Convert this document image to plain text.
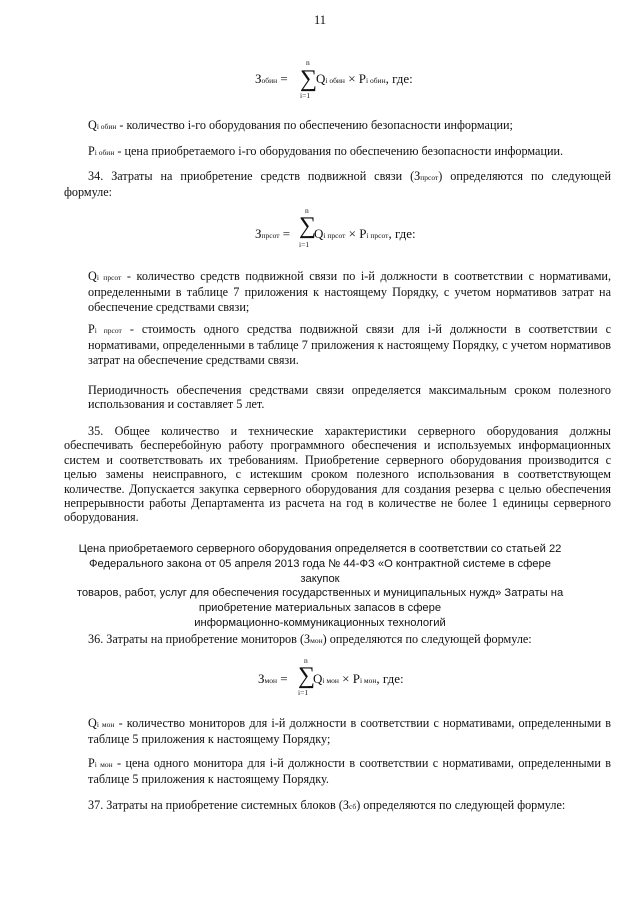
11
Зобин =
n
∑
i=1
Qi обин × Pi обин, где:

Qi обин - количество i-го оборудования по обеспечению безопасности информации;

Pi обин - цена приобретаемого i-го оборудования по обеспечению безопасности информации.

34. Затраты на приобретение средств подвижной связи (Зпрсот) определяются по следующей формуле:

Зпрсот =
n
∑
i=1
Qi прсот × Pi прсот, где:

Qi прсот - количество средств подвижной связи по i-й должности в соответствии с нормативами, определенными в таблице 7 приложения к настоящему Порядку, с учетом нормативов затрат на обеспечение средствами связи;

Pi прсот - стоимость одного средства подвижной связи для i-й должности в соответствии с нормативами, определенными в таблице 7 приложения к настоящему Порядку, с учетом нормативов затрат на обеспечение средствами связи.

Периодичность обеспечения средствами связи определяется максимальным сроком полезного использования и составляет 5 лет.

35. Общее количество и технические характеристики серверного оборудования должны обеспечивать бесперебойную работу программного обеспечения и используемых информационных систем и соответствовать их требованиям. Приобретение серверного оборудования производится с целью замены неисправного, с истекшим сроком полезного использования в соответствующем количестве. Допускается закупка серверного оборудования для создания резерва с целью обеспечения непрерывности работы Департамента из расчета на год в количестве не более 1 единицы серверного оборудования.

Цена приобретаемого серверного оборудования определяется в соответствии со статьей 22
Федерального закона от 05 апреля 2013 года № 44-ФЗ «О контрактной системе в сфере закупок
товаров, работ, услуг для обеспечения государственных и муниципальных нужд» Затраты на
приобретение материальных запасов в сфере
информационно-коммуникационных технологий

36. Затраты на приобретение мониторов (Змон) определяются по следующей формуле:

Змон =
n
∑
i=1
Qi мон × Pi мон, где:

Qi мон - количество мониторов для i-й должности в соответствии с нормативами, определенными в таблице 5 приложения к настоящему Порядку;

Pi мон - цена одного монитора для i-й должности в соответствии с нормативами, определенными в таблице 5 приложения к настоящему Порядку.

37. Затраты на приобретение системных блоков (Зсб) определяются по следующей формуле:
